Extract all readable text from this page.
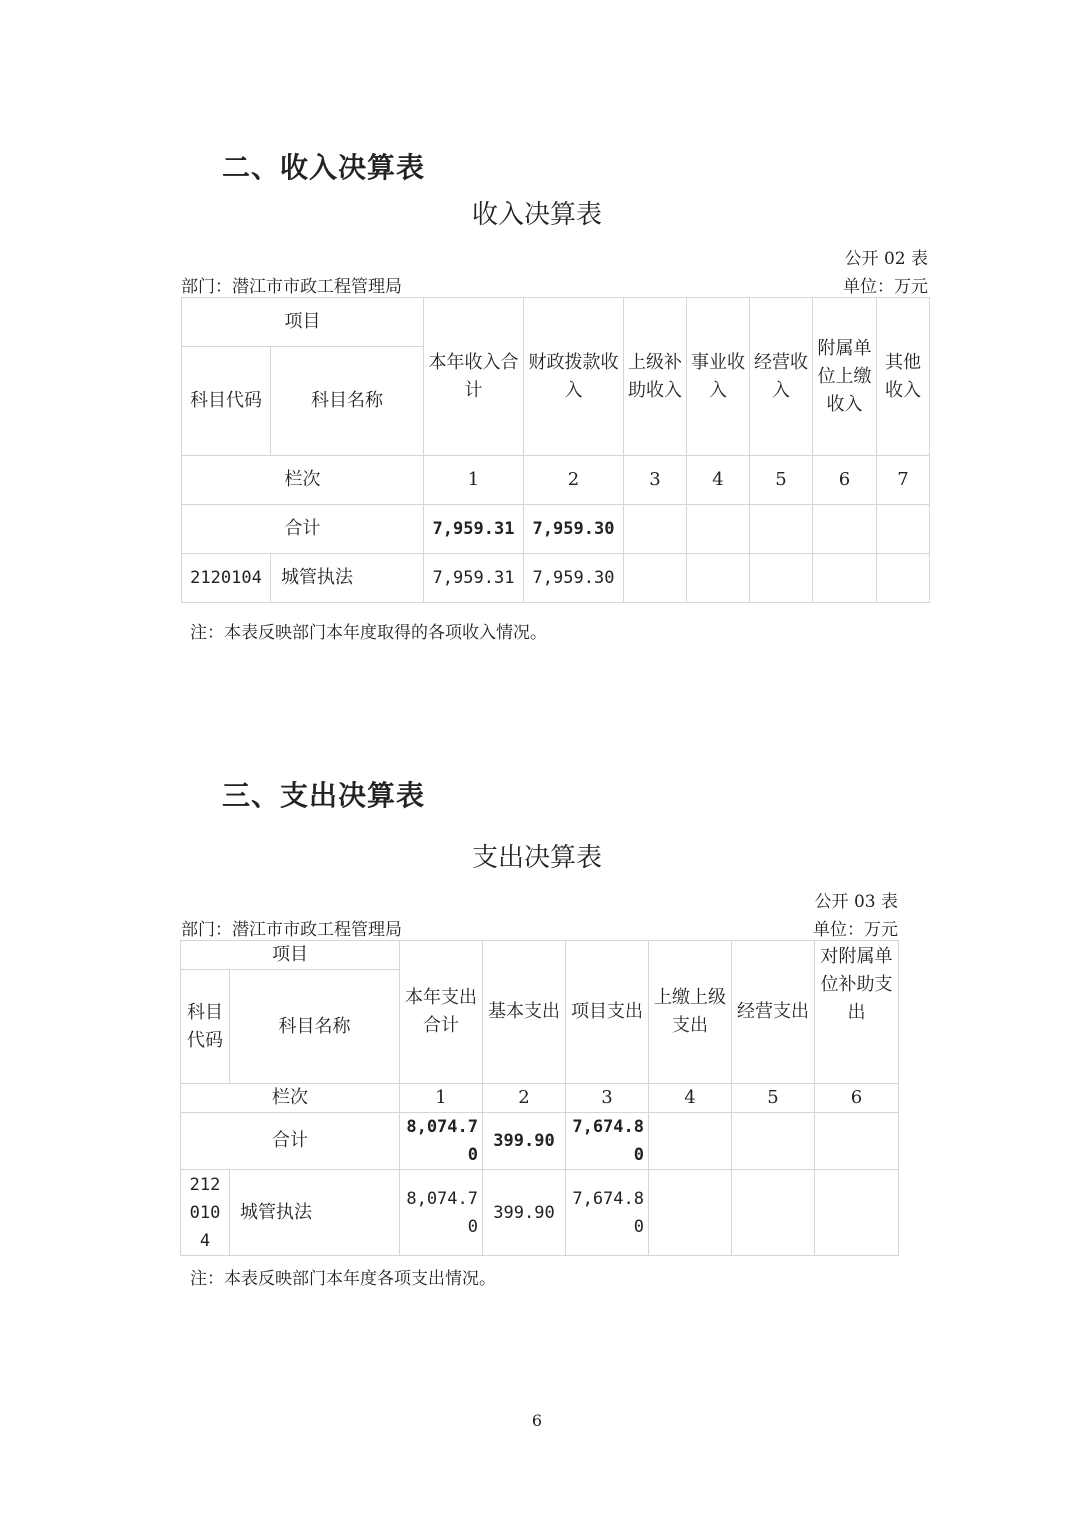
二、收入决算表
收入决算表
公开 02 表
部门：潜江市市政工程管理局	单位：万元
项目		本年收入合计	财政拨款收入	上级补助收入	事业收入	经营收入	附属单位上缴收入	其他收入
科目代码	科目名称							
栏次		1	2	3	4	5	6	7
合计		7,959.31	7,959.30					
2120104	城管执法	7,959.31	7,959.30					
注：本表反映部门本年度取得的各项收入情况。
三、支出决算表
支出决算表
公开 03 表
部门：潜江市市政工程管理局	单位：万元
项目		本年支出合计	基本支出	项目支出	上缴上级支出	经营支出	对附属单位补助支出
科目代码	科目名称						
栏次		1	2	3	4	5	6
合计		8,074.70	399.90	7,674.80			
2120104	城管执法	8,074.70	399.90	7,674.80			
注：本表反映部门本年度各项支出情况。
6
